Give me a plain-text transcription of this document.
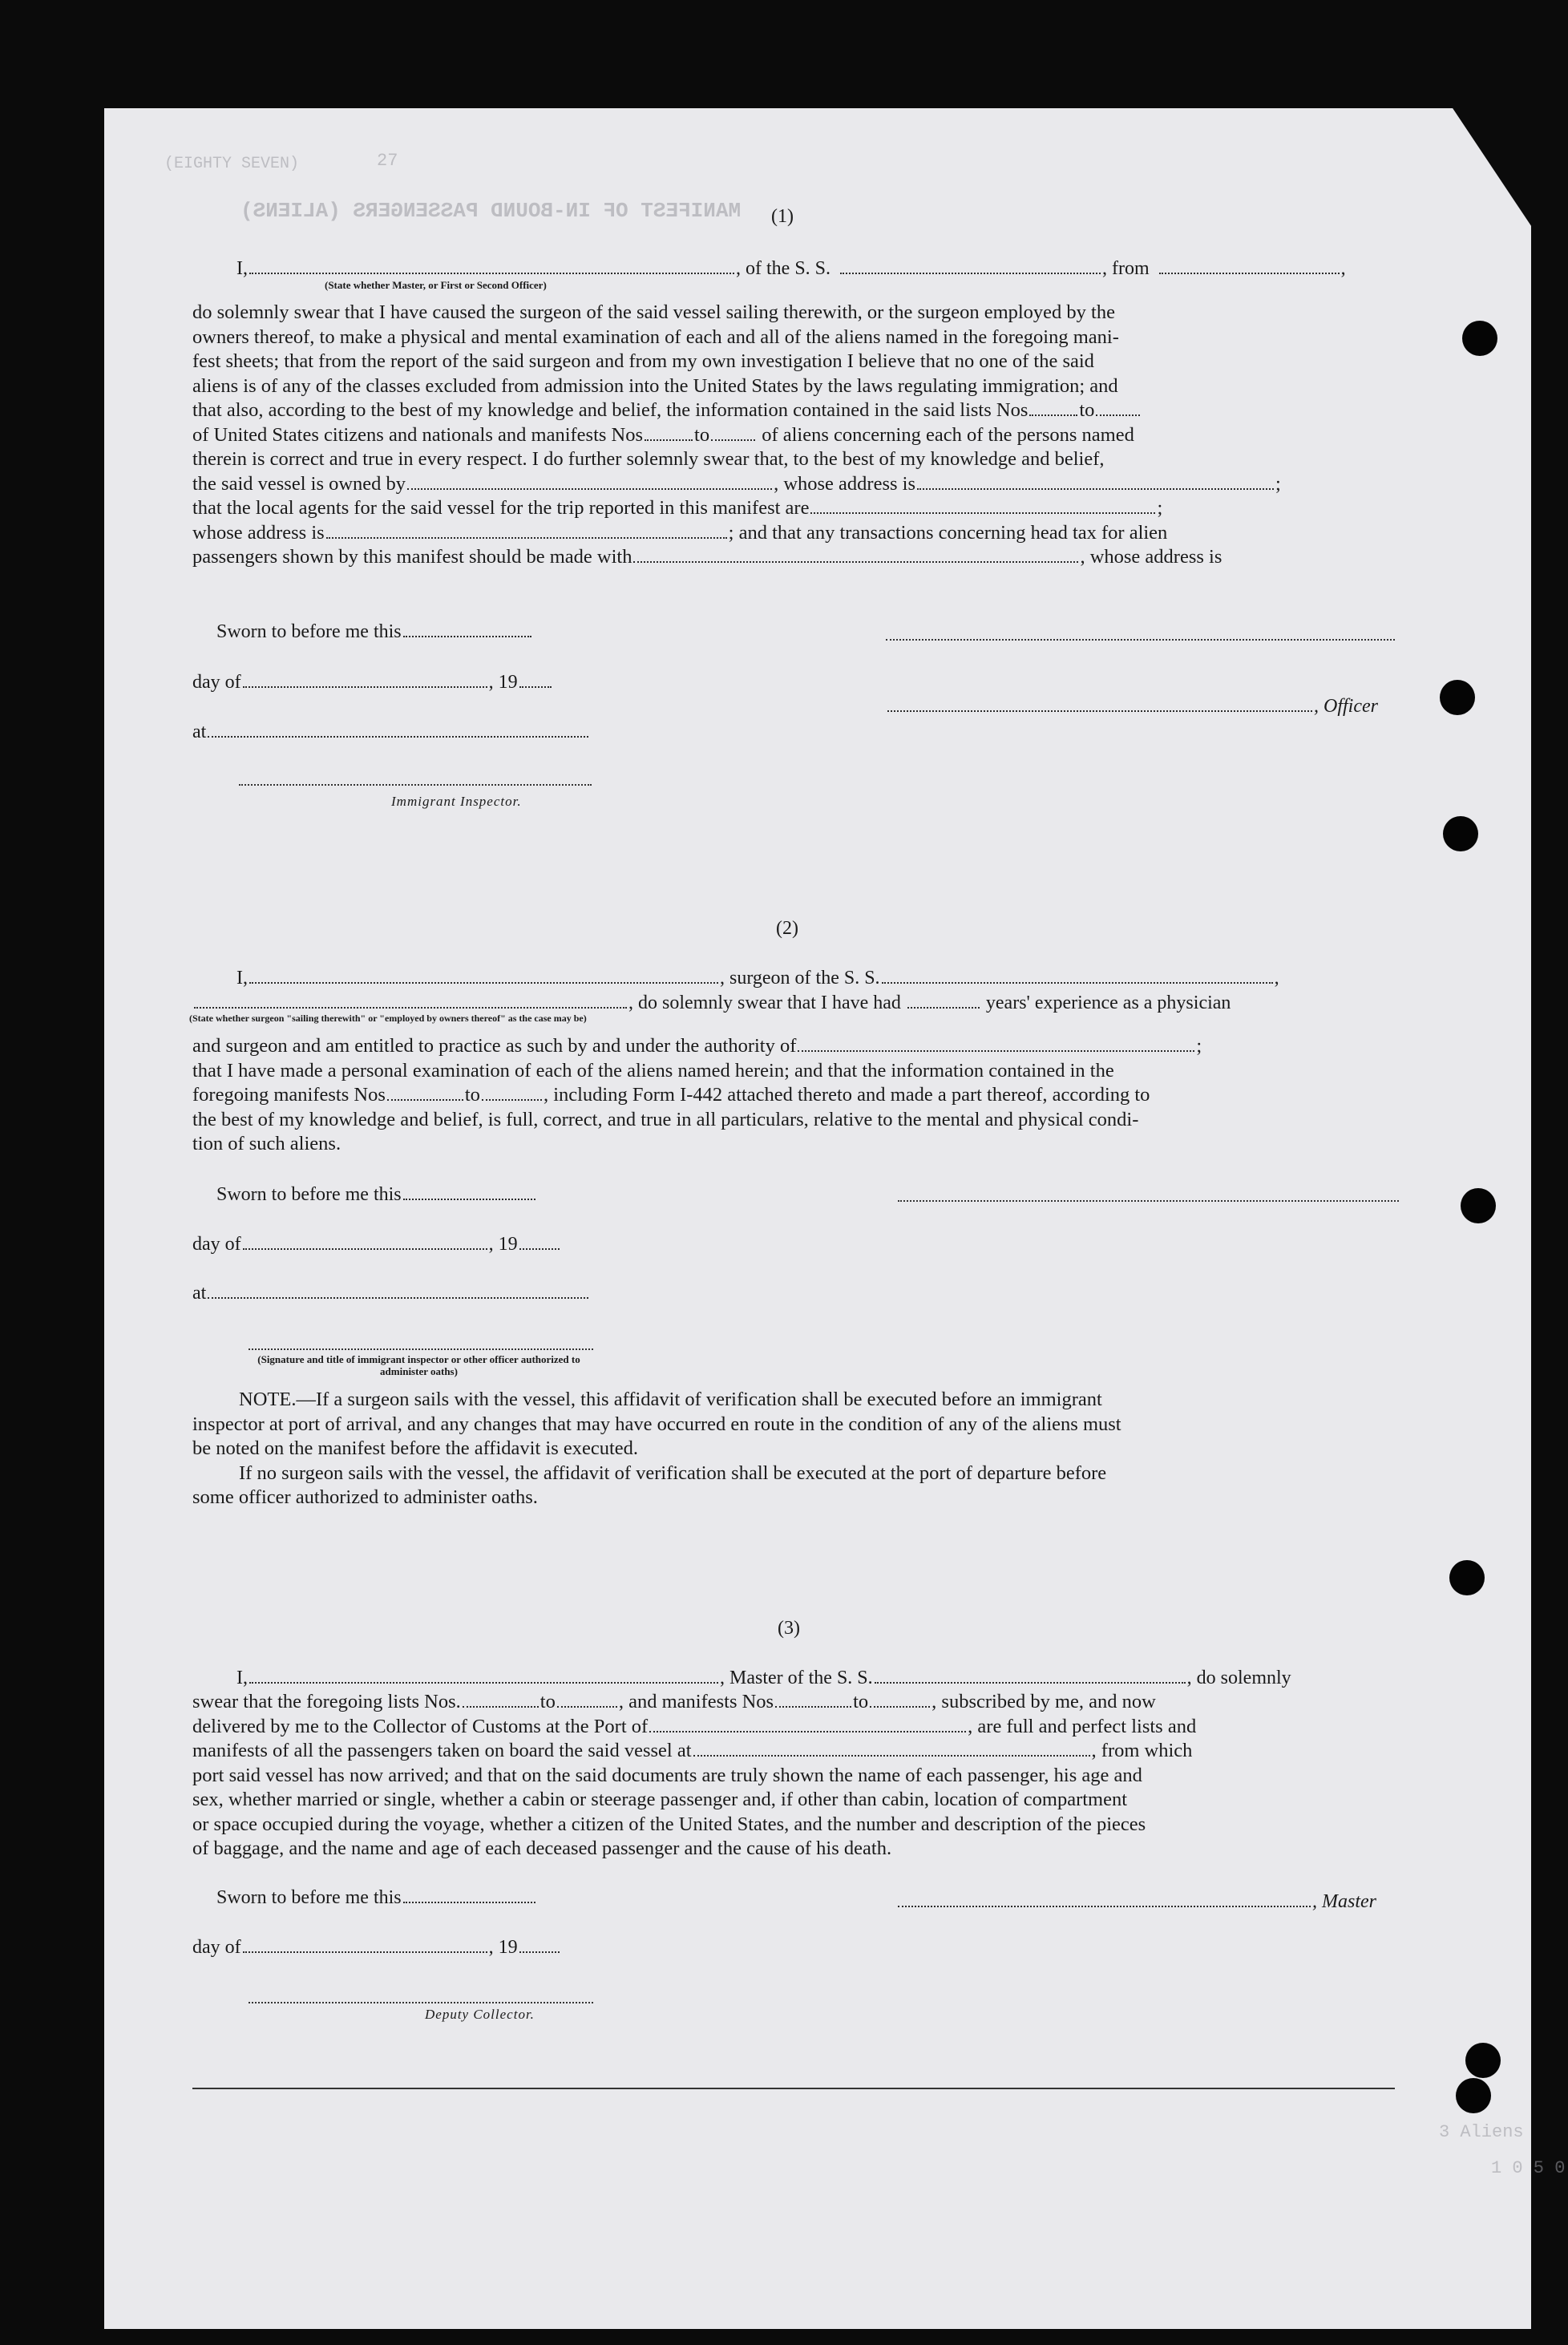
(EIGHTY SEVEN)	27
MANIFEST OF IN-BOUND PASSENGERS (ALIENS)
3 Aliens
1 0 5 0
(1)
I,	, of the S. S.	, from	,
(State whether Master, or First or Second Officer)
do solemnly swear that I have caused the surgeon of the said vessel sailing therewith, or the surgeon employed by the
owners thereof, to make a physical and mental examination of each and all of the aliens named in the foregoing mani-
fest sheets; that from the report of the said surgeon and from my own investigation I believe that no one of the said
aliens is of any of the classes excluded from admission into the United States by the laws regulating immigration; and
that also, according to the best of my knowledge and belief, the information contained in the said lists Nos	to
of United States citizens and nationals and manifests Nos	to	of aliens concerning each of the persons named
therein is correct and true in every respect. I do further solemnly swear that, to the best of my knowledge and belief,
the said vessel is owned by	, whose address is	;
that the local agents for the said vessel for the trip reported in this manifest are	;
whose address is	; and that any transactions concerning head tax for alien
passengers shown by this manifest should be made with	, whose address is
Sworn to before me this
day of	, 19
, Officer
at
Immigrant Inspector.
(2)
I,	, surgeon of the S. S.	,
, do solemnly swear that I have had	years' experience as a physician
(State whether surgeon "sailing therewith" or "employed by owners thereof" as the case may be)
and surgeon and am entitled to practice as such by and under the authority of	;
that I have made a personal examination of each of the aliens named herein; and that the information contained in the
foregoing manifests Nos	to	, including Form I-442 attached thereto and made a part thereof, according to
the best of my knowledge and belief, is full, correct, and true in all particulars, relative to the mental and physical condi-
tion of such aliens.
Sworn to before me this
day of	, 19
at
(Signature and title of immigrant inspector or other officer authorized to administer oaths)
NOTE.—If a surgeon sails with the vessel, this affidavit of verification shall be executed before an immigrant
inspector at port of arrival, and any changes that may have occurred en route in the condition of any of the aliens must
be noted on the manifest before the affidavit is executed.
If no surgeon sails with the vessel, the affidavit of verification shall be executed at the port of departure before
some officer authorized to administer oaths.
(3)
I,	, Master of the S. S.	, do solemnly
swear that the foregoing lists Nos.	to	, and manifests Nos	to	, subscribed by me, and now
delivered by me to the Collector of Customs at the Port of	, are full and perfect lists and
manifests of all the passengers taken on board the said vessel at	, from which
port said vessel has now arrived; and that on the said documents are truly shown the name of each passenger, his age and
sex, whether married or single, whether a cabin or steerage passenger and, if other than cabin, location of compartment
or space occupied during the voyage, whether a citizen of the United States, and the number and description of the pieces
of baggage, and the name and age of each deceased passenger and the cause of his death.
Sworn to before me this	, Master
day of	, 19
Deputy Collector.
